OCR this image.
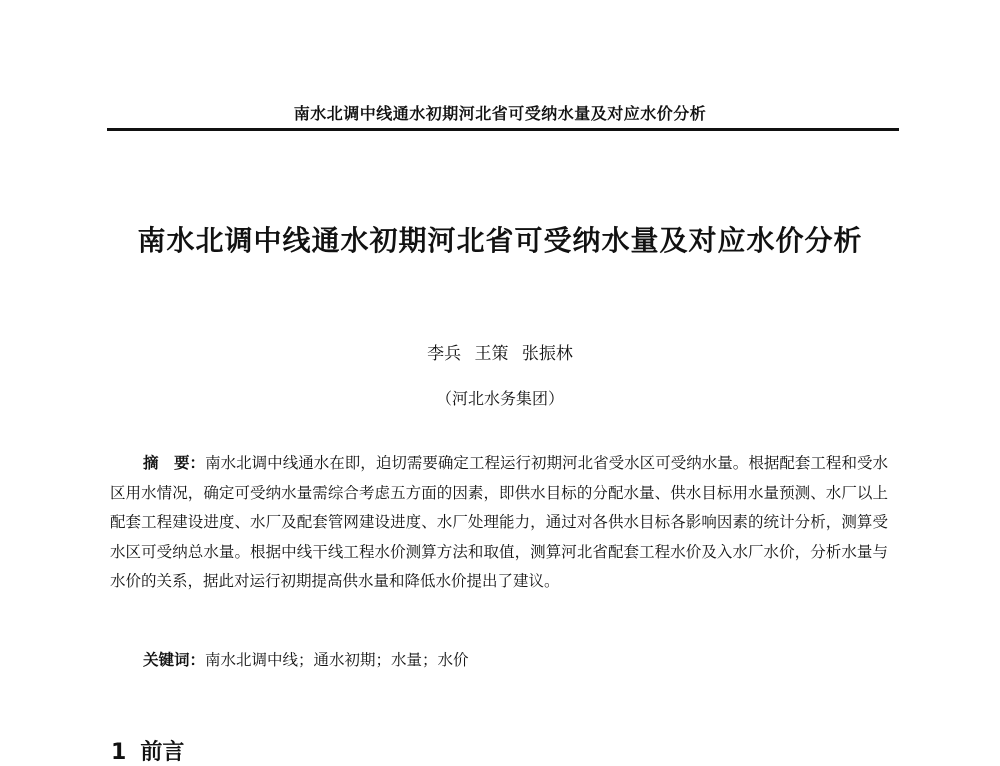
南水北调中线通水初期河北省可受纳水量及对应水价分析
南水北调中线通水初期河北省可受纳水量及对应水价分析
李兵 王策 张振林
（河北水务集团）

摘　要：南水北调中线通水在即，迫切需要确定工程运行初期河北省受水区可受纳水量。根据配套工程和受水区用水情况，确定可受纳水量需综合考虑五方面的因素，即供水目标的分配水量、供水目标用水量预测、水厂以上配套工程建设进度、水厂及配套管网建设进度、水厂处理能力，通过对各供水目标各影响因素的统计分析，测算受水区可受纳总水量。根据中线干线工程水价测算方法和取值，测算河北省配套工程水价及入水厂水价，分析水量与水价的关系，据此对运行初期提高供水量和降低水价提出了建议。

关键词：南水北调中线；通水初期；水量；水价
1 前言
